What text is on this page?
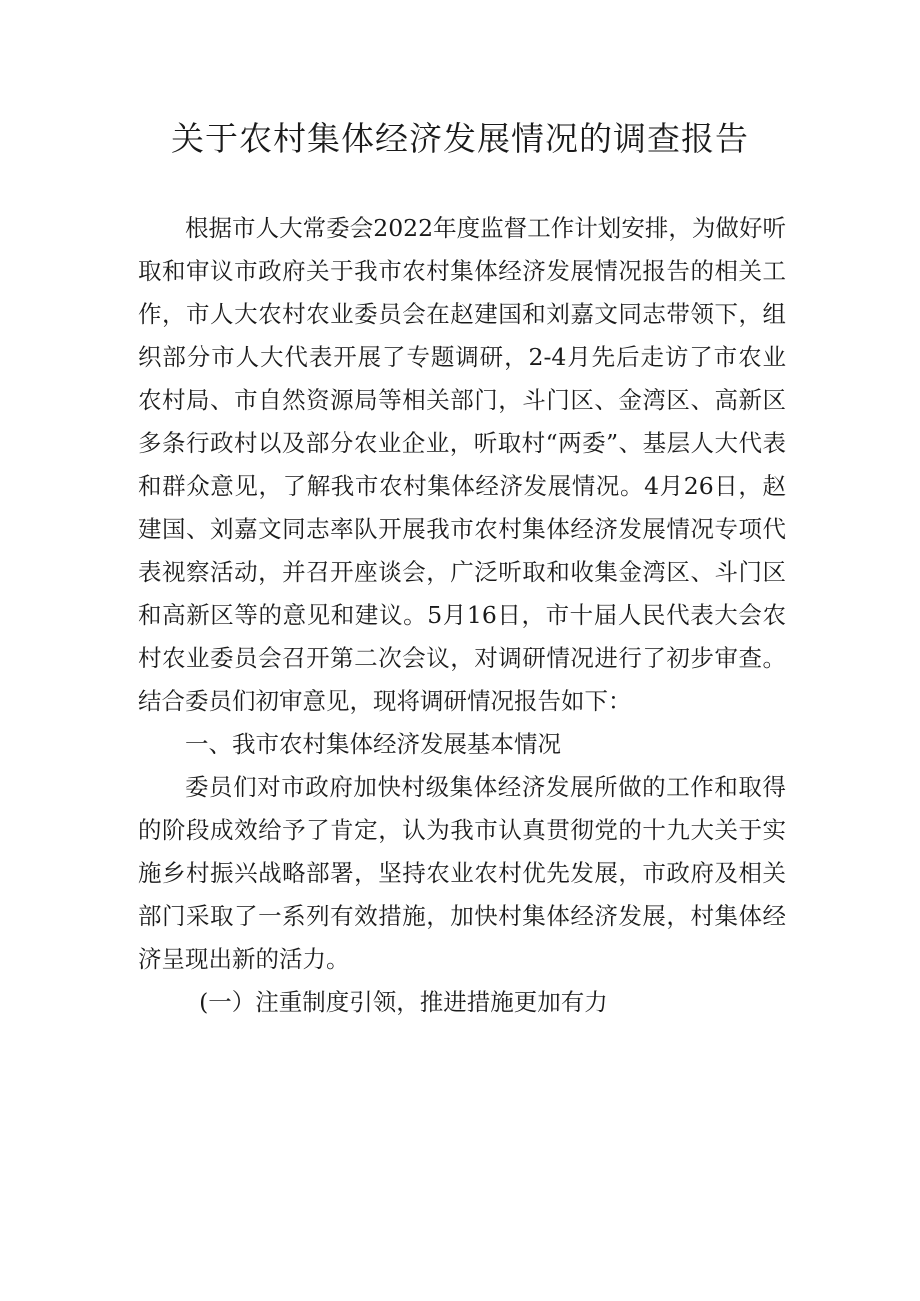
关于农村集体经济发展情况的调查报告

根据市人大常委会2022年度监督工作计划安排，为做好听取和审议市政府关于我市农村集体经济发展情况报告的相关工作，市人大农村农业委员会在赵建国和刘嘉文同志带领下，组织部分市人大代表开展了专题调研，2-4月先后走访了市农业农村局、市自然资源局等相关部门，斗门区、金湾区、高新区多条行政村以及部分农业企业，听取村“两委”、基层人大代表和群众意见，了解我市农村集体经济发展情况。4月26日，赵建国、刘嘉文同志率队开展我市农村集体经济发展情况专项代表视察活动，并召开座谈会，广泛听取和收集金湾区、斗门区和高新区等的意见和建议。5月16日，市十届人民代表大会农村农业委员会召开第二次会议，对调研情况进行了初步审查。结合委员们初审意见，现将调研情况报告如下：

一、我市农村集体经济发展基本情况

委员们对市政府加快村级集体经济发展所做的工作和取得的阶段成效给予了肯定，认为我市认真贯彻党的十九大关于实施乡村振兴战略部署，坚持农业农村优先发展，市政府及相关部门采取了一系列有效措施，加快村集体经济发展，村集体经济呈现出新的活力。

(一）注重制度引领，推进措施更加有力
